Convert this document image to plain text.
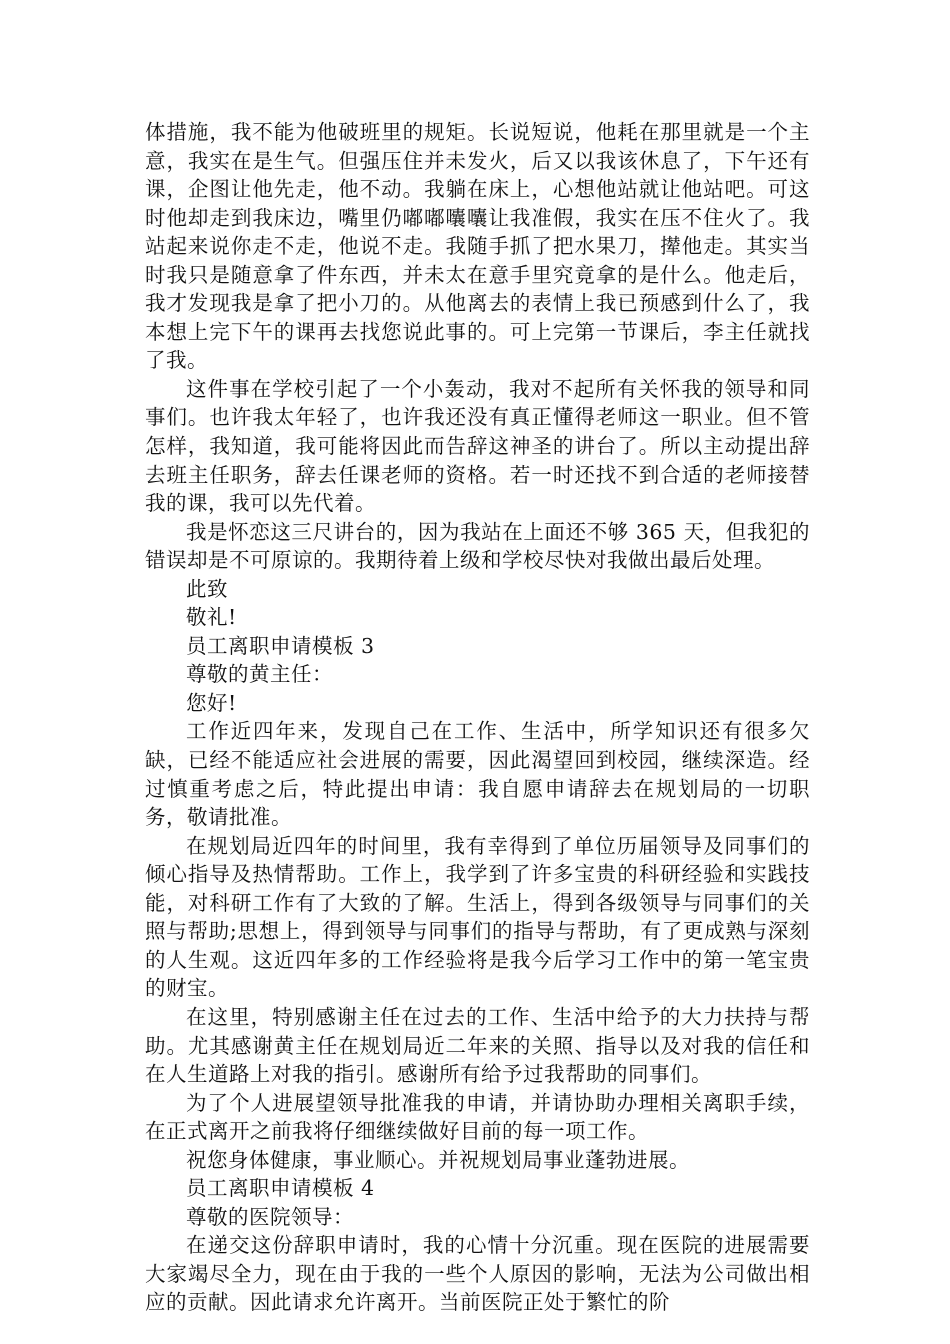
体措施，我不能为他破班里的规矩。长说短说，他耗在那里就是一个主意，我实在是生气。但强压住并未发火，后又以我该休息了，下午还有课，企图让他先走，他不动。我躺在床上，心想他站就让他站吧。可这时他却走到我床边，嘴里仍嘟嘟囔囔让我准假，我实在压不住火了。我站起来说你走不走，他说不走。我随手抓了把水果刀，撵他走。其实当时我只是随意拿了件东西，并未太在意手里究竟拿的是什么。他走后，我才发现我是拿了把小刀的。从他离去的表情上我已预感到什么了，我本想上完下午的课再去找您说此事的。可上完第一节课后，李主任就找了我。

这件事在学校引起了一个小轰动，我对不起所有关怀我的领导和同事们。也许我太年轻了，也许我还没有真正懂得老师这一职业。但不管怎样，我知道，我可能将因此而告辞这神圣的讲台了。所以主动提出辞去班主任职务，辞去任课老师的资格。若一时还找不到合适的老师接替我的课，我可以先代着。

我是怀恋这三尺讲台的，因为我站在上面还不够 365 天，但我犯的错误却是不可原谅的。我期待着上级和学校尽快对我做出最后处理。

此致

敬礼!

员工离职申请模板 3

尊敬的黄主任：

您好!

工作近四年来，发现自己在工作、生活中，所学知识还有很多欠缺，已经不能适应社会进展的需要，因此渴望回到校园，继续深造。经过慎重考虑之后，特此提出申请：我自愿申请辞去在规划局的一切职务，敬请批准。

在规划局近四年的时间里，我有幸得到了单位历届领导及同事们的倾心指导及热情帮助。工作上，我学到了许多宝贵的科研经验和实践技能，对科研工作有了大致的了解。生活上，得到各级领导与同事们的关照与帮助;思想上，得到领导与同事们的指导与帮助，有了更成熟与深刻的人生观。这近四年多的工作经验将是我今后学习工作中的第一笔宝贵的财宝。

在这里，特别感谢主任在过去的工作、生活中给予的大力扶持与帮助。尤其感谢黄主任在规划局近二年来的关照、指导以及对我的信任和在人生道路上对我的指引。感谢所有给予过我帮助的同事们。

为了个人进展望领导批准我的申请，并请协助办理相关离职手续，在正式离开之前我将仔细继续做好目前的每一项工作。

祝您身体健康，事业顺心。并祝规划局事业蓬勃进展。

员工离职申请模板 4

尊敬的医院领导：

在递交这份辞职申请时，我的心情十分沉重。现在医院的进展需要大家竭尽全力，现在由于我的一些个人原因的影响，无法为公司做出相应的贡献。因此请求允许离开。当前医院正处于繁忙的阶
